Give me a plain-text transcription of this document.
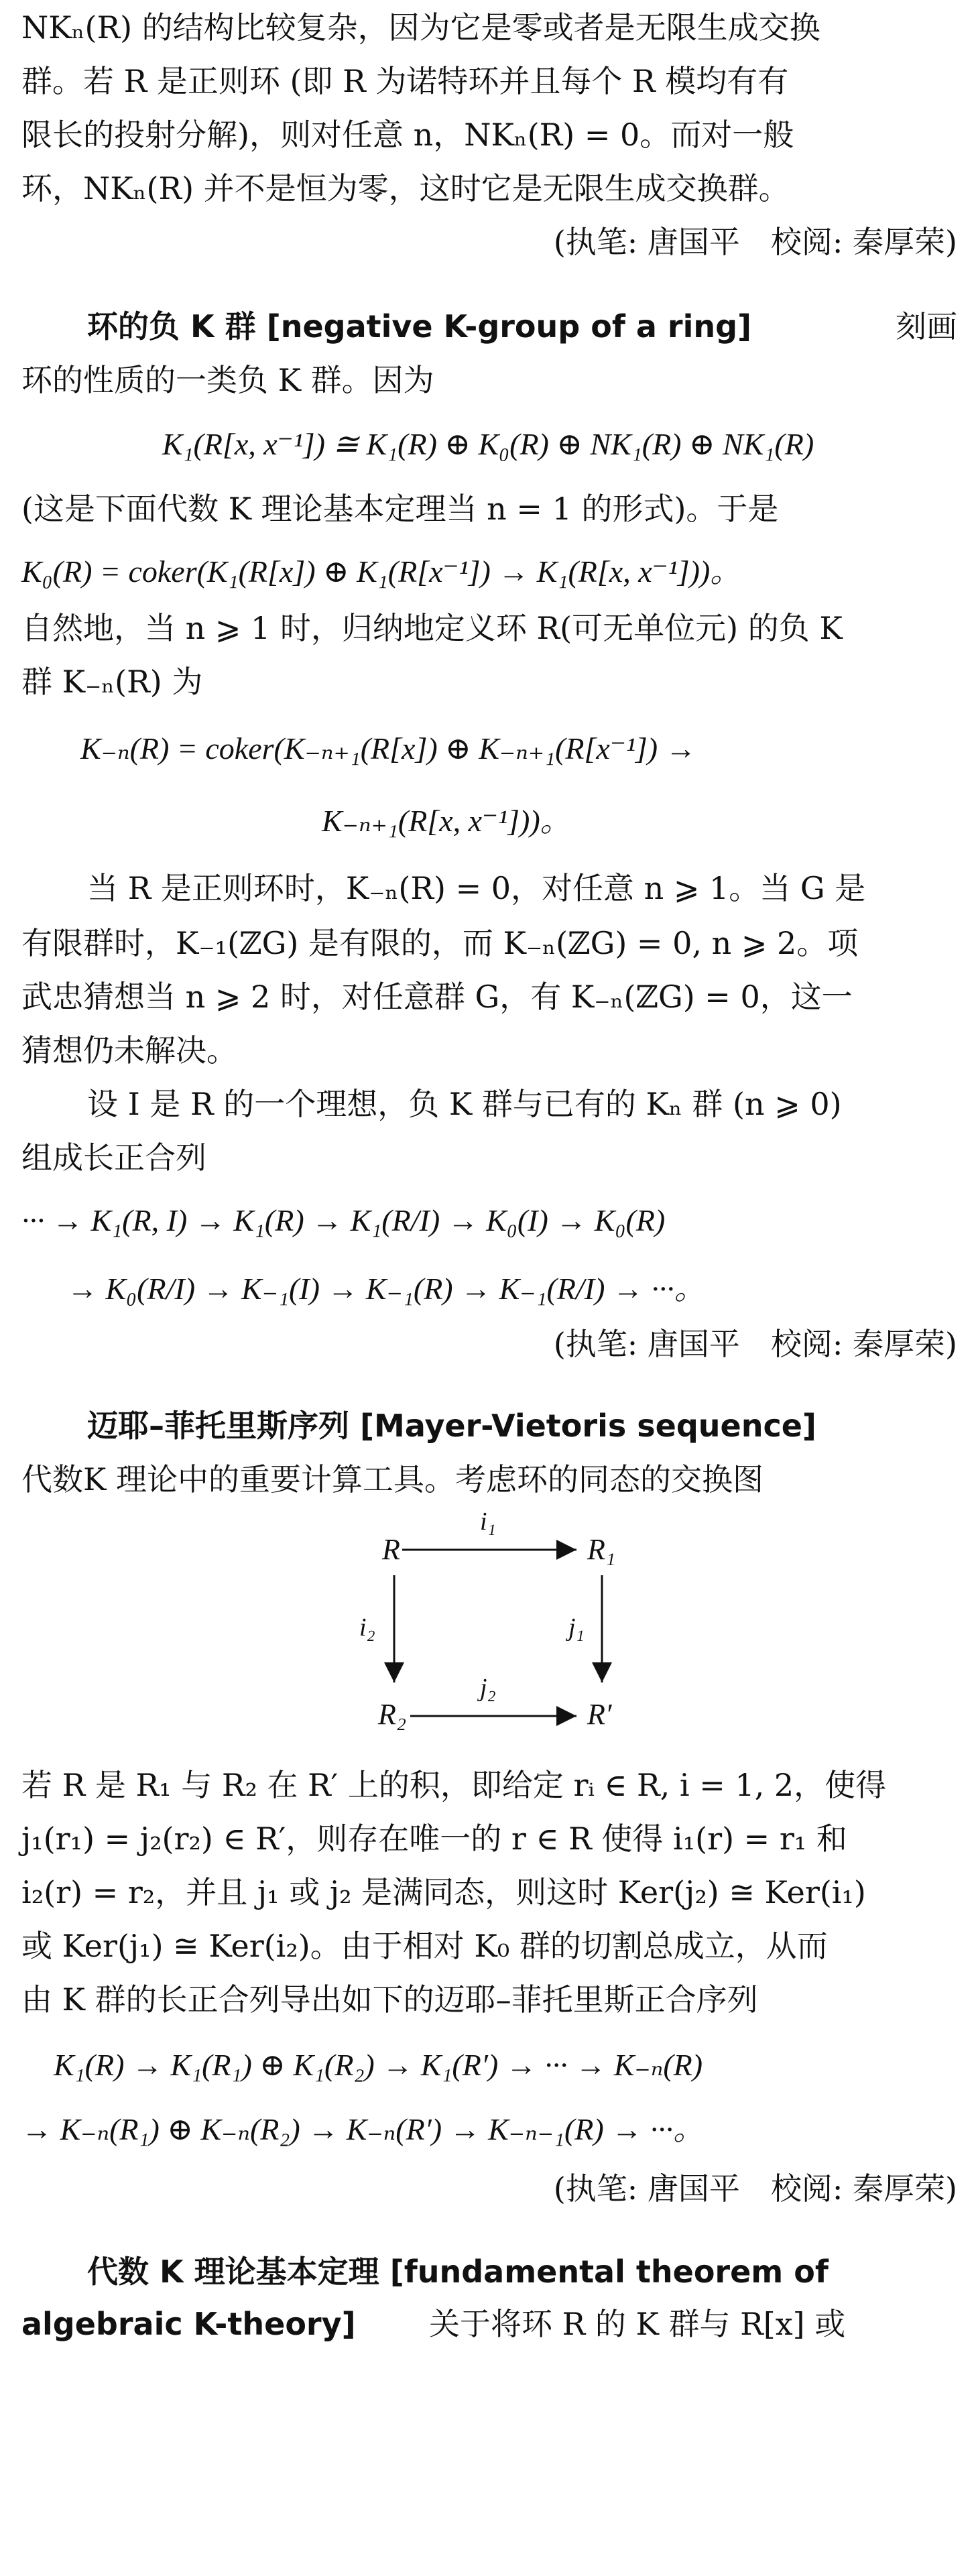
NKₙ(R) 的结构比较复杂，因为它是零或者是无限生成交换
群。若 R 是正则环 (即 R 为诺特环并且每个 R 模均有有
限长的投射分解)，则对任意 n，NKₙ(R) = 0。而对一般
环，NKₙ(R) 并不是恒为零，这时它是无限生成交换群。
(执笔: 唐国平　校阅: 秦厚荣)
环的负 K 群 [negative K-group of a ring]	刻画
环的性质的一类负 K 群。因为
K₁(R[x, x⁻¹]) ≅ K₁(R) ⊕ K₀(R) ⊕ NK₁(R) ⊕ NK₁(R)
(这是下面代数 K 理论基本定理当 n = 1 的形式)。于是
K₀(R) = coker(K₁(R[x]) ⊕ K₁(R[x⁻¹]) → K₁(R[x, x⁻¹]))。
自然地，当 n ⩾ 1 时，归纳地定义环 R(可无单位元) 的负 K
群 K₋ₙ(R) 为
K₋ₙ(R) = coker(K₋ₙ₊₁(R[x]) ⊕ K₋ₙ₊₁(R[x⁻¹]) →
K₋ₙ₊₁(R[x, x⁻¹]))。
当 R 是正则环时，K₋ₙ(R) = 0，对任意 n ⩾ 1。当 G 是
有限群时，K₋₁(ℤG) 是有限的，而 K₋ₙ(ℤG) = 0, n ⩾ 2。项
武忠猜想当 n ⩾ 2 时，对任意群 G，有 K₋ₙ(ℤG) = 0，这一
猜想仍未解决。
设 I 是 R 的一个理想，负 K 群与已有的 Kₙ 群 (n ⩾ 0)
组成长正合列
··· → K₁(R, I) → K₁(R) → K₁(R/I) → K₀(I) → K₀(R)
→ K₀(R/I) → K₋₁(I) → K₋₁(R) → K₋₁(R/I) → ···。
(执笔: 唐国平　校阅: 秦厚荣)
迈耶–菲托里斯序列 [Mayer-Vietoris sequence]
代数K 理论中的重要计算工具。考虑环的同态的交换图
R	R₁
R₂	R′
i₁
i₂	j₁
j₂
若 R 是 R₁ 与 R₂ 在 R′ 上的积，即给定 rᵢ ∈ R, i = 1, 2，使得
j₁(r₁) = j₂(r₂) ∈ R′，则存在唯一的 r ∈ R 使得 i₁(r) = r₁ 和
i₂(r) = r₂，并且 j₁ 或 j₂ 是满同态，则这时 Ker(j₂) ≅ Ker(i₁)
或 Ker(j₁) ≅ Ker(i₂)。由于相对 K₀ 群的切割总成立，从而
由 K 群的长正合列导出如下的迈耶–菲托里斯正合序列
K₁(R) → K₁(R₁) ⊕ K₁(R₂) → K₁(R′) → ··· → K₋ₙ(R)
→ K₋ₙ(R₁) ⊕ K₋ₙ(R₂) → K₋ₙ(R′) → K₋ₙ₋₁(R) → ···。
(执笔: 唐国平　校阅: 秦厚荣)
代数 K 理论基本定理 [fundamental theorem of
algebraic K-theory]	关于将环 R 的 K 群与 R[x] 或
